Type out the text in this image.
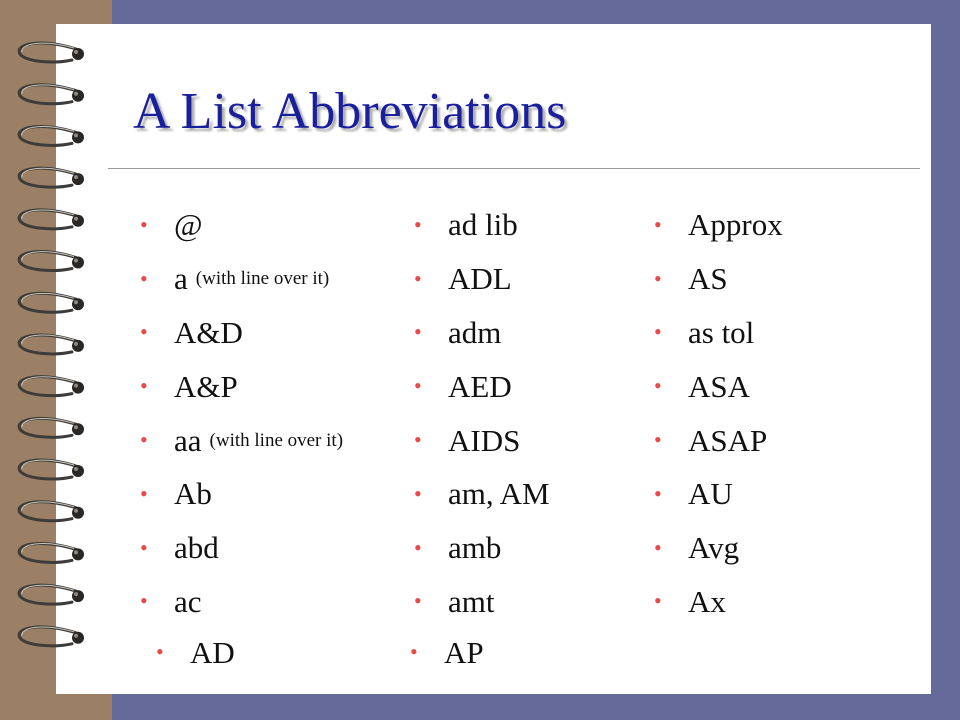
A List Abbreviations
• @
• a (with line over it)
• A&D
• A&P
• aa (with line over it)
• Ab
• abd
• ac
• ad lib
• ADL
• adm
• AED
• AIDS
• am, AM
• amb
• amt
• Approx
• AS
• as tol
• ASA
• ASAP
• AU
• Avg
• Ax
• AD	• AP
